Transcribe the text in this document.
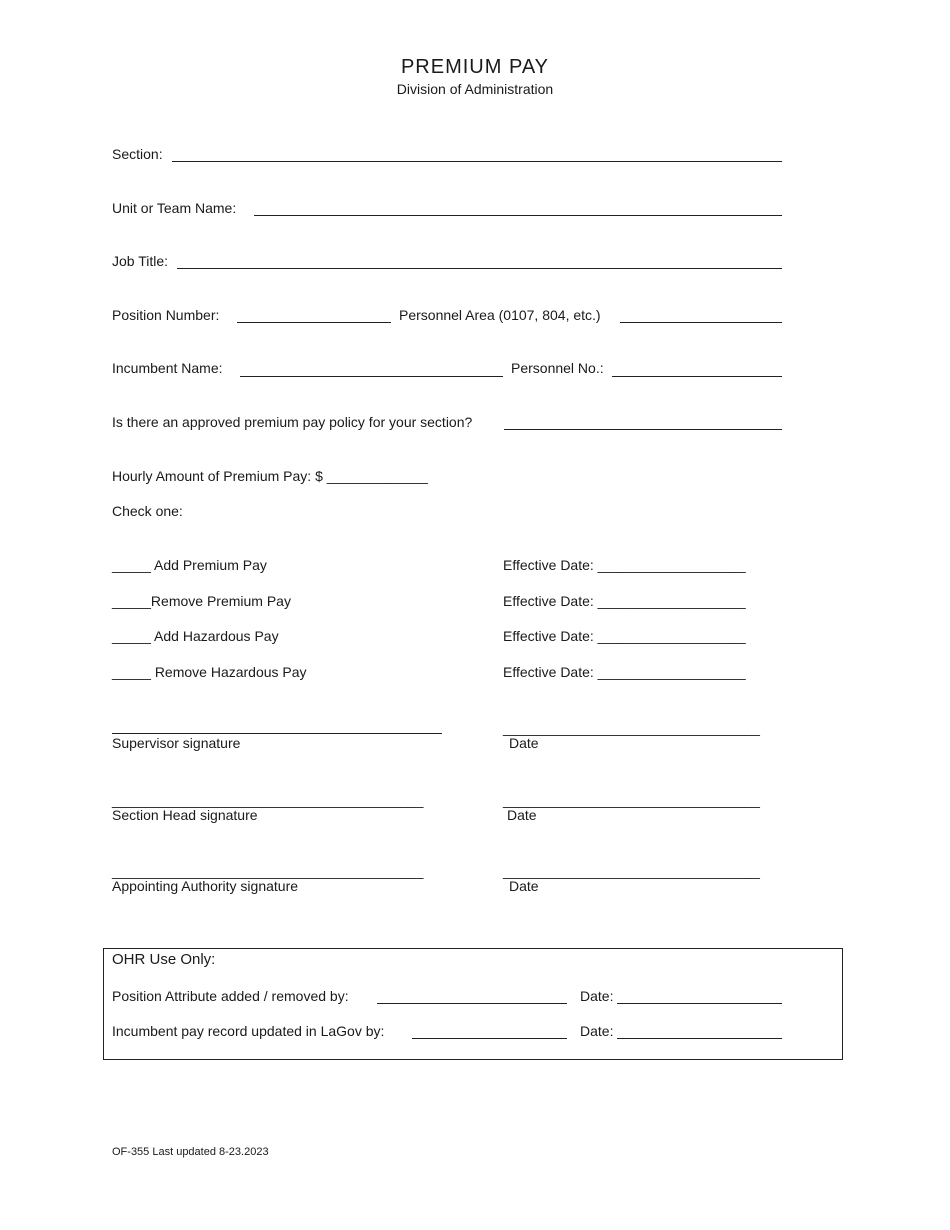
PREMIUM PAY
Division of Administration
Section:
Unit or Team Name:
Job Title:
Position Number:	Personnel Area (0107, 804, etc.)
Incumbent Name:	Personnel No.:
Is there an approved premium pay policy for your section?
Hourly Amount of Premium Pay: $ _____________
Check one:
_____ Add Premium Pay	Effective Date: ___________________
_____Remove Premium Pay	Effective Date: ___________________
_____ Add Hazardous Pay	Effective Date: ___________________
_____ Remove Hazardous Pay	Effective Date: ___________________
_________________________________
Supervisor signature	Date
________________________________________	_________________________________
Section Head signature	Date
________________________________________	_________________________________
Appointing Authority signature	Date
OHR Use Only:
Position Attribute added / removed by:	Date:
Incumbent pay record updated in LaGov by:	Date:
OF-355 Last updated 8-23.2023
